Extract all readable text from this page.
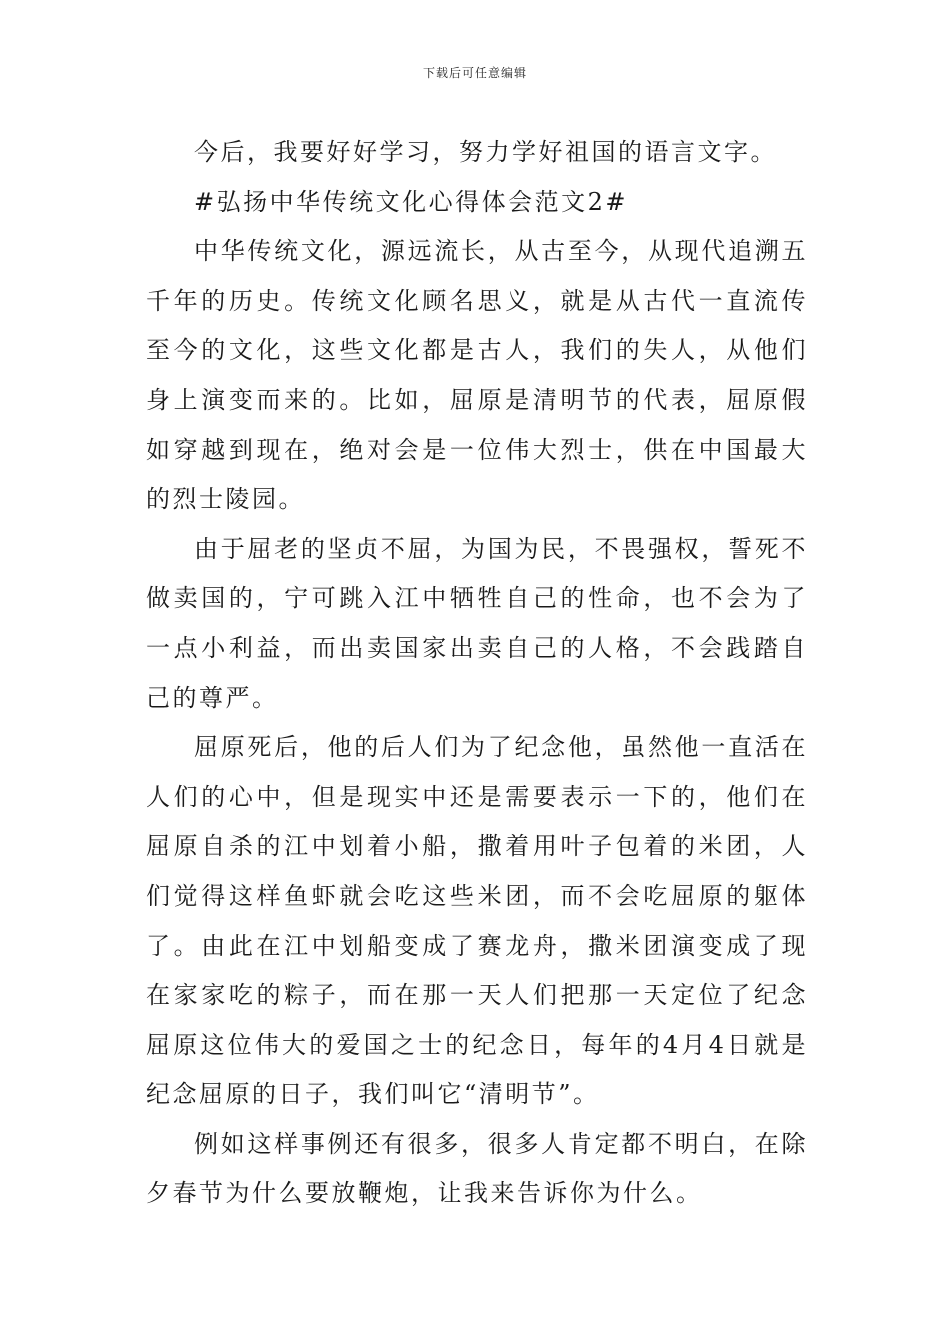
下载后可任意编辑

今后，我要好好学习，努力学好祖国的语言文字。

#弘扬中华传统文化心得体会范文2#

中华传统文化，源远流长，从古至今，从现代追溯五千年的历史。传统文化顾名思义，就是从古代一直流传至今的文化，这些文化都是古人，我们的失人，从他们身上演变而来的。比如，屈原是清明节的代表，屈原假如穿越到现在，绝对会是一位伟大烈士，供在中国最大的烈士陵园。

由于屈老的坚贞不屈，为国为民，不畏强权，誓死不做卖国的，宁可跳入江中牺牲自己的性命，也不会为了一点小利益，而出卖国家出卖自己的人格，不会践踏自己的尊严。

屈原死后，他的后人们为了纪念他，虽然他一直活在人们的心中，但是现实中还是需要表示一下的，他们在屈原自杀的江中划着小船，撒着用叶子包着的米团，人们觉得这样鱼虾就会吃这些米团，而不会吃屈原的躯体了。由此在江中划船变成了赛龙舟，撒米团演变成了现在家家吃的粽子，而在那一天人们把那一天定位了纪念屈原这位伟大的爱国之士的纪念日，每年的4月4日就是纪念屈原的日子，我们叫它“清明节”。

例如这样事例还有很多，很多人肯定都不明白，在除夕春节为什么要放鞭炮，让我来告诉你为什么。
